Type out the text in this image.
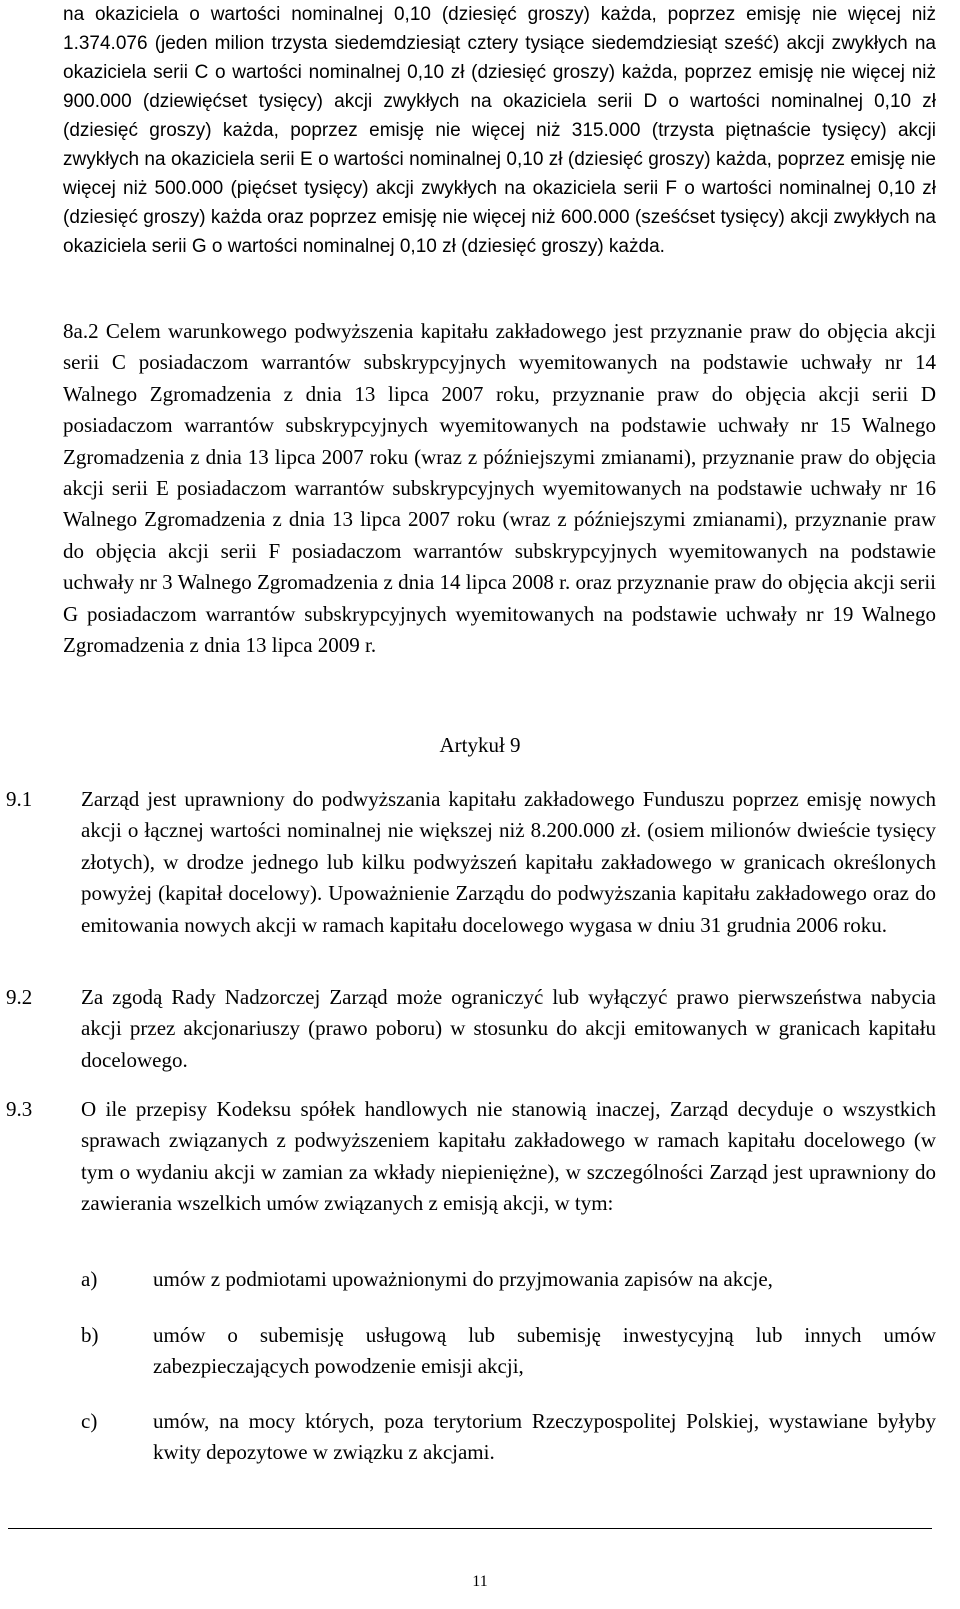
na okaziciela o wartości nominalnej 0,10 (dziesięć groszy) każda, poprzez emisję nie więcej niż 1.374.076 (jeden milion trzysta siedemdziesiąt cztery tysiące siedemdziesiąt sześć) akcji zwykłych na okaziciela serii C o wartości nominalnej 0,10 zł (dziesięć groszy) każda, poprzez emisję nie więcej niż 900.000 (dziewięćset tysięcy) akcji zwykłych na okaziciela serii D o wartości nominalnej 0,10 zł (dziesięć groszy) każda, poprzez emisję nie więcej niż 315.000 (trzysta piętnaście tysięcy) akcji zwykłych na okaziciela serii E o wartości nominalnej 0,10 zł (dziesięć groszy) każda, poprzez emisję nie więcej niż 500.000 (pięćset tysięcy) akcji zwykłych na okaziciela serii F o wartości nominalnej 0,10 zł (dziesięć groszy) każda oraz poprzez emisję nie więcej niż 600.000 (sześćset tysięcy) akcji zwykłych na okaziciela serii G o wartości nominalnej 0,10 zł (dziesięć groszy) każda.

8a.2 Celem warunkowego podwyższenia kapitału zakładowego jest przyznanie praw do objęcia akcji serii C posiadaczom warrantów subskrypcyjnych wyemitowanych na podstawie uchwały nr 14 Walnego Zgromadzenia z dnia 13 lipca 2007 roku, przyznanie praw do objęcia akcji serii D posiadaczom warrantów subskrypcyjnych wyemitowanych na podstawie uchwały nr 15 Walnego Zgromadzenia z dnia 13 lipca 2007 roku (wraz z późniejszymi zmianami), przyznanie praw do objęcia akcji serii E posiadaczom warrantów subskrypcyjnych wyemitowanych na podstawie uchwały nr 16 Walnego Zgromadzenia z dnia 13 lipca 2007 roku (wraz z późniejszymi zmianami), przyznanie praw do objęcia akcji serii F posiadaczom warrantów subskrypcyjnych wyemitowanych na podstawie uchwały nr 3 Walnego Zgromadzenia z dnia 14 lipca 2008 r. oraz przyznanie praw do objęcia akcji serii G posiadaczom warrantów subskrypcyjnych wyemitowanych na podstawie uchwały nr 19 Walnego Zgromadzenia z dnia 13 lipca 2009 r.
Artykuł 9
9.1 Zarząd jest uprawniony do podwyższania kapitału zakładowego Funduszu poprzez emisję nowych akcji o łącznej wartości nominalnej nie większej niż 8.200.000 zł. (osiem milionów dwieście tysięcy złotych), w drodze jednego lub kilku podwyższeń kapitału zakładowego w granicach określonych powyżej (kapitał docelowy). Upoważnienie Zarządu do podwyższania kapitału zakładowego oraz do emitowania nowych akcji w ramach kapitału docelowego wygasa w dniu 31 grudnia 2006 roku.
9.2 Za zgodą Rady Nadzorczej Zarząd może ograniczyć lub wyłączyć prawo pierwszeństwa nabycia akcji przez akcjonariuszy (prawo poboru) w stosunku do akcji emitowanych w granicach kapitału docelowego.
9.3 O ile przepisy Kodeksu spółek handlowych nie stanowią inaczej, Zarząd decyduje o wszystkich sprawach związanych z podwyższeniem kapitału zakładowego w ramach kapitału docelowego (w tym o wydaniu akcji w zamian za wkłady niepieniężne), w szczególności Zarząd jest uprawniony do zawierania wszelkich umów związanych z emisją akcji, w tym:
a)	umów z podmiotami upoważnionymi do przyjmowania zapisów na akcje,
b)	umów o subemisję usługową lub subemisję inwestycyjną lub innych umów zabezpieczających powodzenie emisji akcji,
c)	umów, na mocy których, poza terytorium Rzeczypospolitej Polskiej, wystawiane byłyby kwity depozytowe w związku z akcjami.
11
